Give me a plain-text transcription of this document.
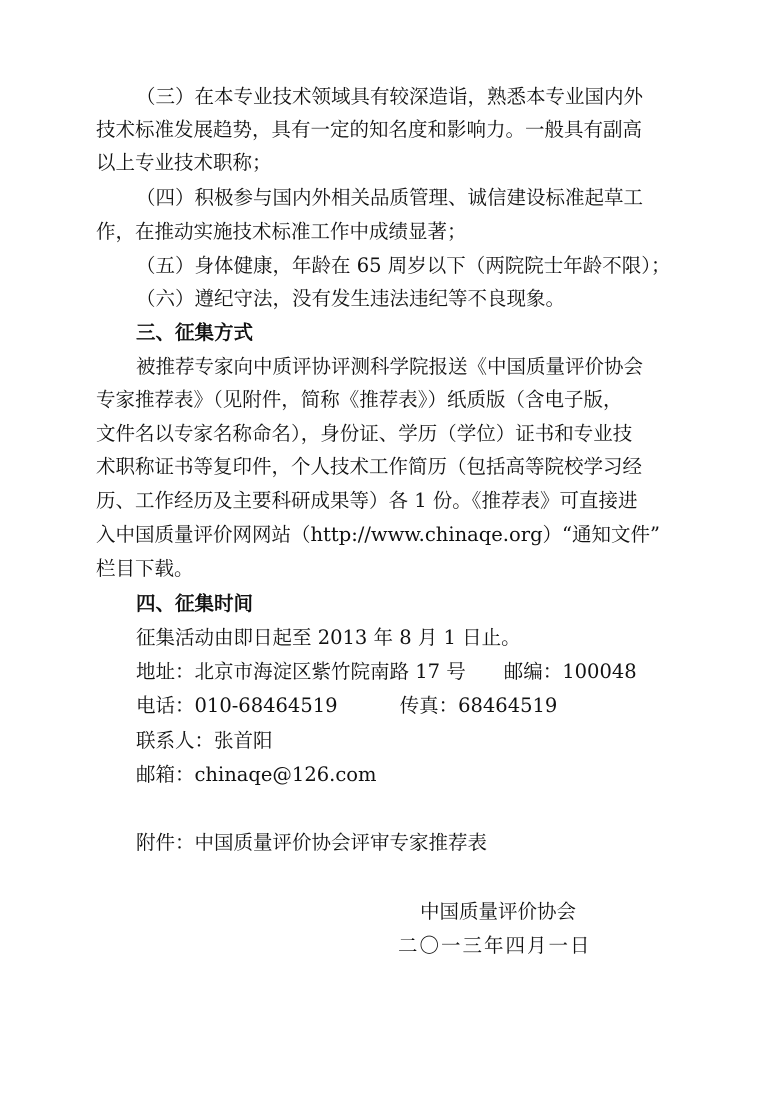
（三）在本专业技术领域具有较深造诣，熟悉本专业国内外
技术标准发展趋势，具有一定的知名度和影响力。一般具有副高
以上专业技术职称；
（四）积极参与国内外相关品质管理、诚信建设标准起草工
作，在推动实施技术标准工作中成绩显著；
（五）身体健康，年龄在 65 周岁以下（两院院士年龄不限）；
（六）遵纪守法，没有发生违法违纪等不良现象。
三、征集方式
被推荐专家向中质评协评测科学院报送《中国质量评价协会
专家推荐表》（见附件，简称《推荐表》）纸质版（含电子版，
文件名以专家名称命名），身份证、学历（学位）证书和专业技
术职称证书等复印件，个人技术工作简历（包括高等院校学习经
历、工作经历及主要科研成果等）各 1 份。《推荐表》可直接进
入中国质量评价网网站（http://www.chinaqe.org）“通知文件”
栏目下载。
四、征集时间
征集活动由即日起至 2013 年 8 月 1 日止。
地址：北京市海淀区紫竹院南路 17 号 邮编：100048
电话：010-68464519	传真：68464519
联系人：张首阳
邮箱：chinaqe@126.com
附件：中国质量评价协会评审专家推荐表
中国质量评价协会
二〇一三年四月一日
